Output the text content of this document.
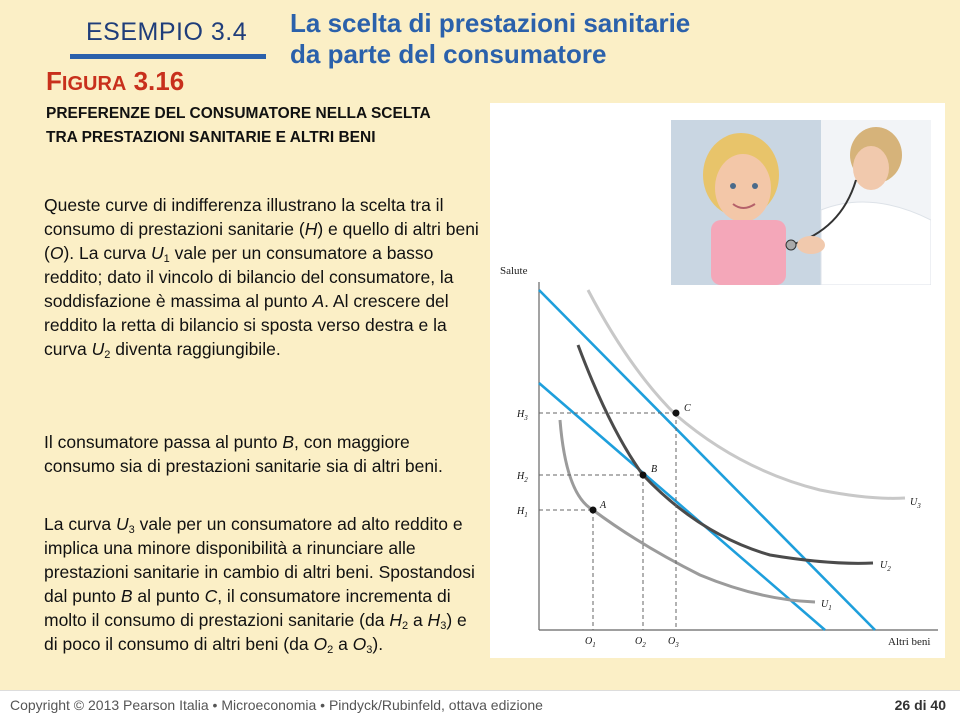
ESEMPIO 3.4 La scelta di prestazioni sanitarie
da parte del consumatore
FIGURA 3.16
PREFERENZE DEL CONSUMATORE NELLA SCELTA TRA PRESTAZIONI SANITARIE E ALTRI BENI
Queste curve di indifferenza illustrano la scelta tra il consumo di prestazioni sanitarie (H) e quello di altri beni (O). La curva $U_1$ vale per un consumatore a basso reddito; dato il vincolo di bilancio del consumatore, la soddisfazione è massima al punto A. Al crescere del reddito la retta di bilancio si sposta verso destra e la curva $U_2$ diventa raggiungibile.
Il consumatore passa al punto B, con maggiore consumo sia di prestazioni sanitarie sia di altri beni.
La curva $U_3$ vale per un consumatore ad alto reddito e implica una minore disponibilità a rinunciare alle prestazioni sanitarie in cambio di altri beni. Spostandosi dal punto B al punto C, il consumatore incrementa di molto il consumo di prestazioni sanitarie (da $H_2$ a $H_3$) e di poco il consumo di altri beni (da $O_2$ a $O_3$).
Salute
Altri beni
A
B
C
$H_3$
$H_2$
$H_1$
$O_1$	$O_2$ $O_3$
$U_1$
$U_2$
$U_3$
Copyright © 2013 Pearson Italia • Microeconomia • Pindyck/Rubinfeld, ottava edizione	26 di 40
